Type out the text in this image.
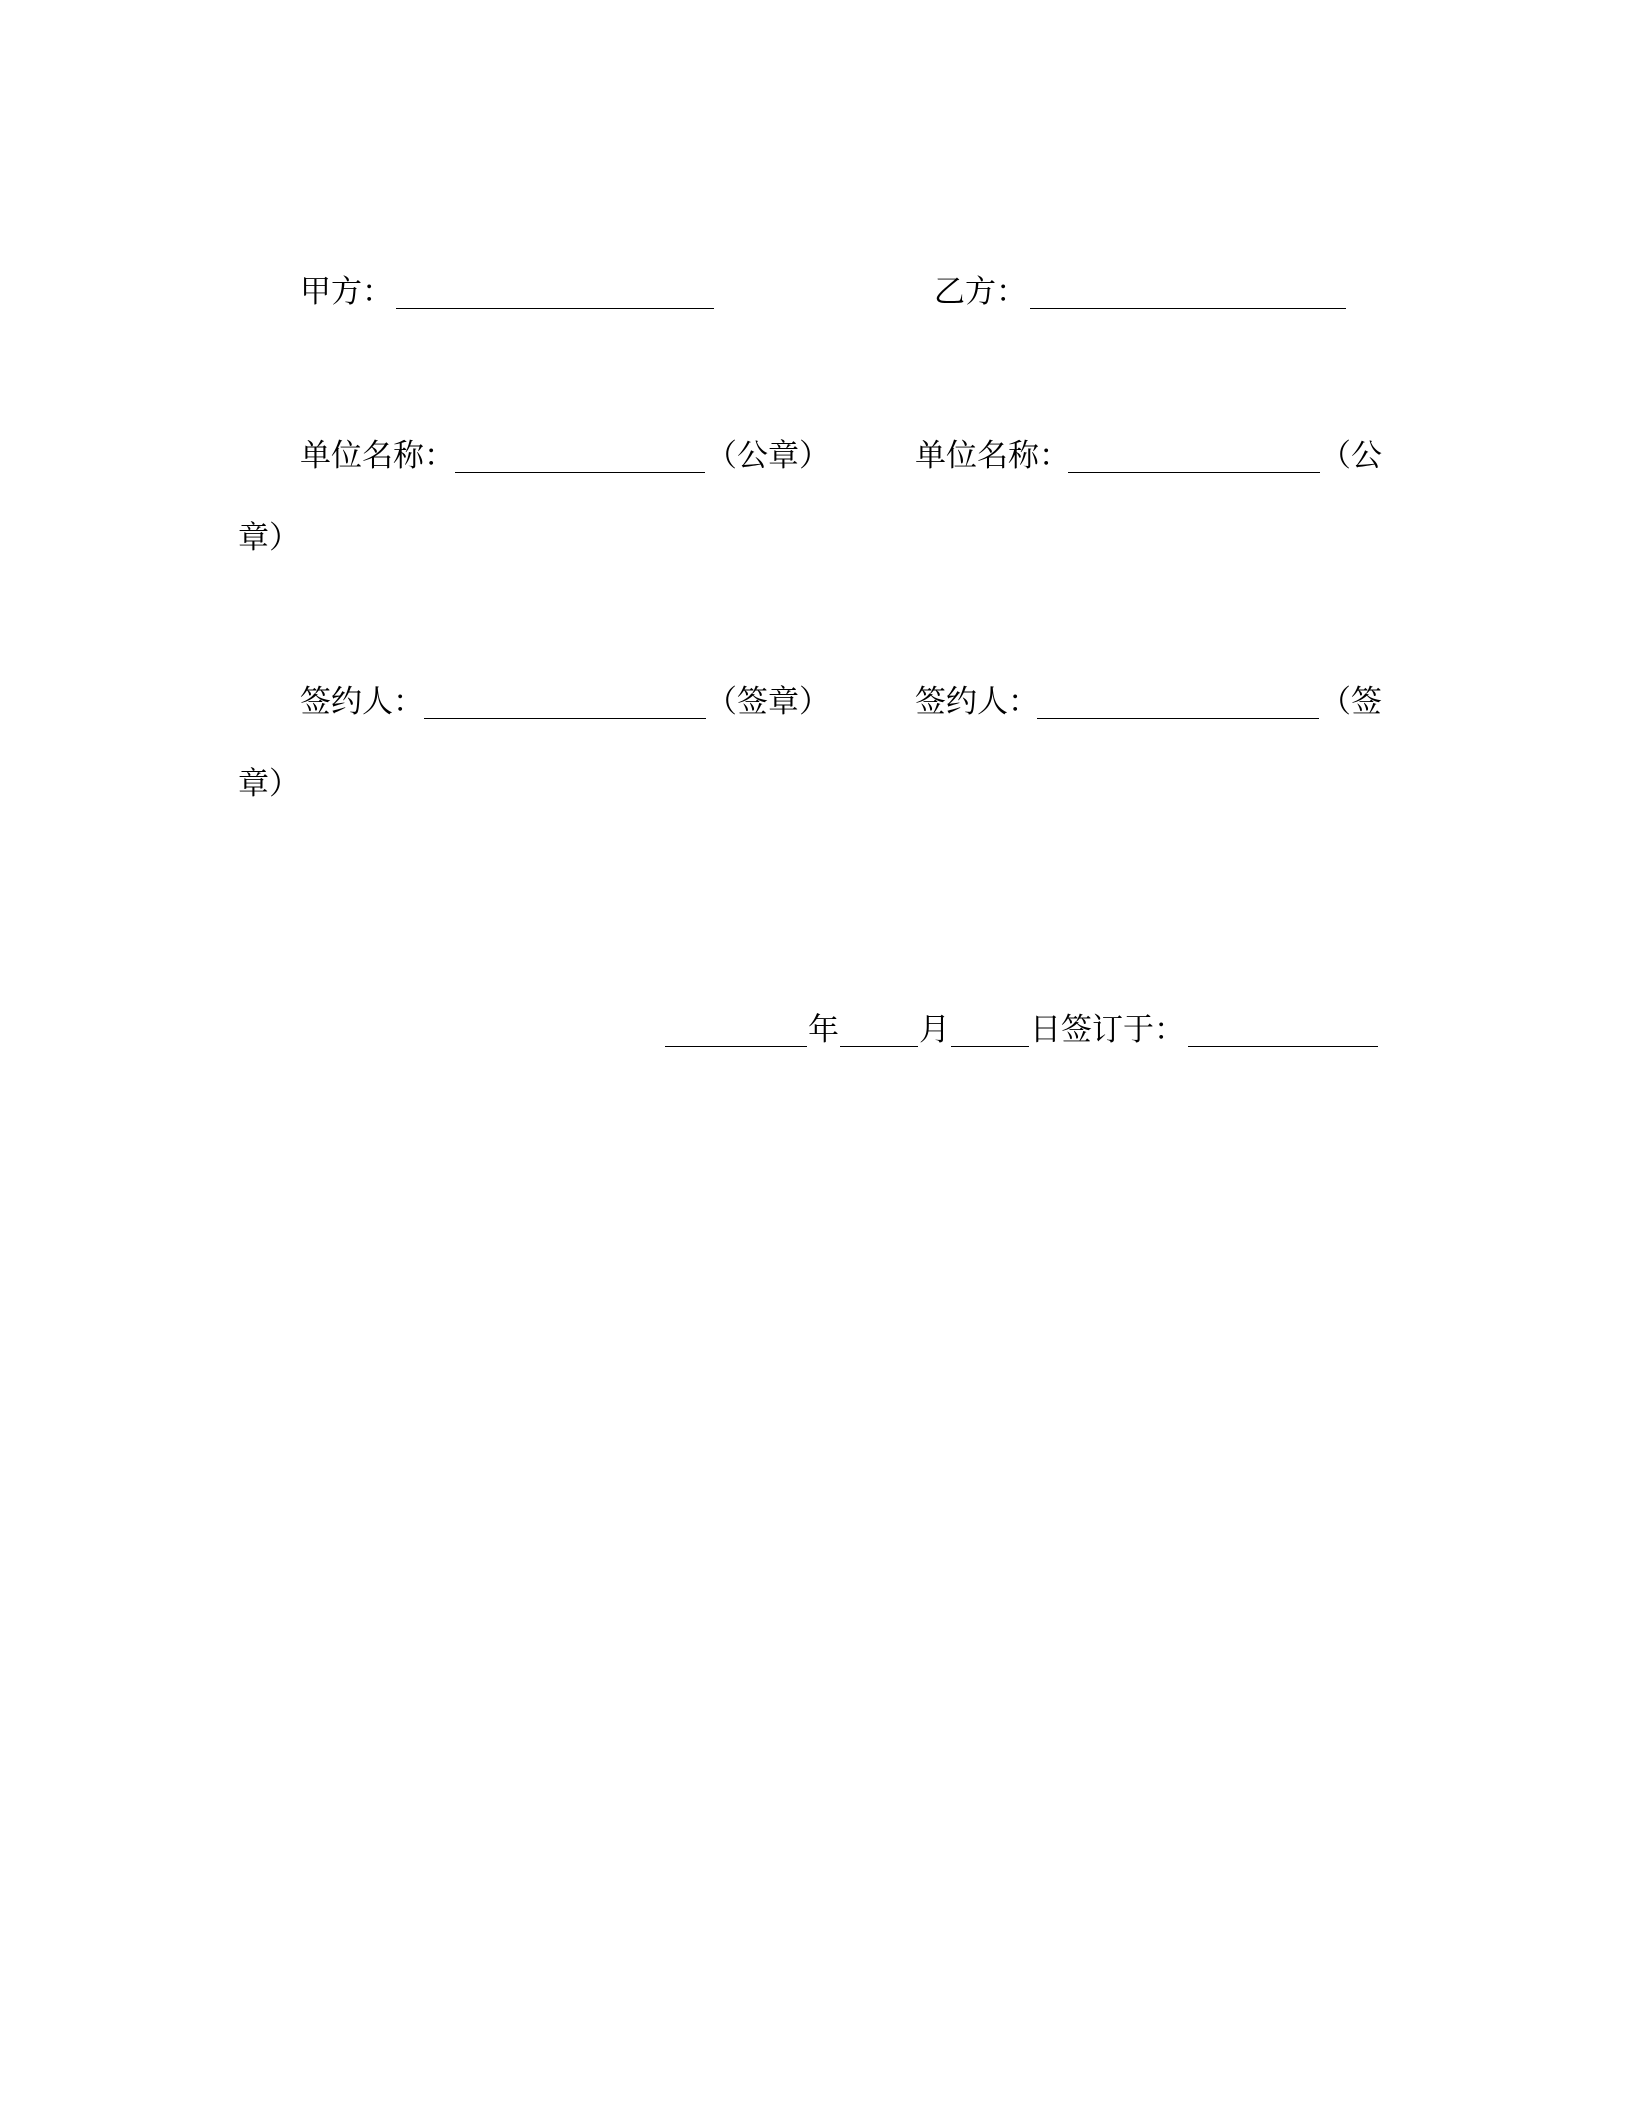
甲方：	乙方：
单位名称：	（公章）	单位名称：	（公
章）
签约人：	（签章）	签约人：	（签
章）
年	月	日签订于：
